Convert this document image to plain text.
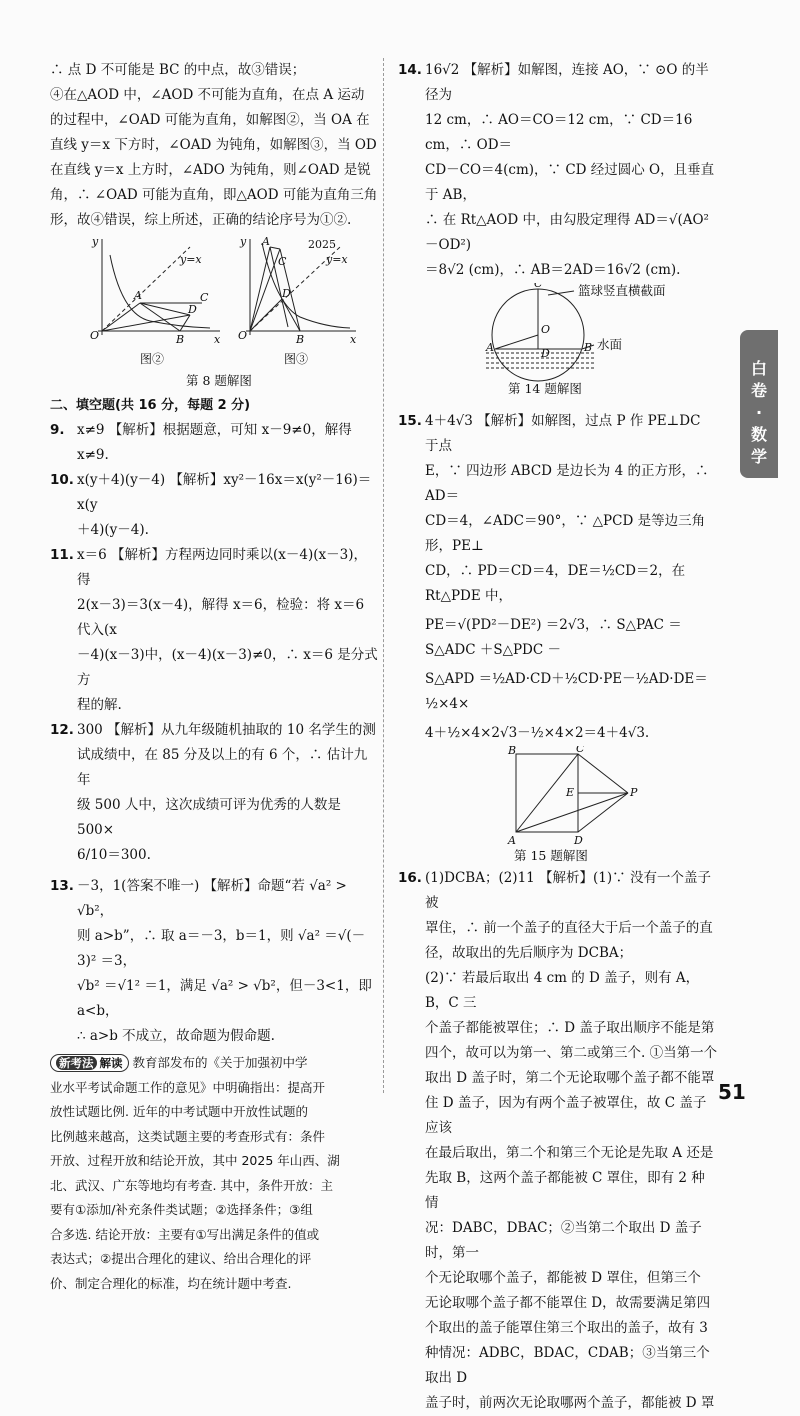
∴ 点 D 不可能是 BC 的中点，故③错误；

④在△AOD 中，∠AOD 不可能为直角，在点 A 运动

的过程中，∠OAD 可能为直角，如解图②，当 OA 在

直线 y＝x 下方时，∠OAD 为钝角，如解图③，当 OD

在直线 y＝x 上方时，∠ADO 为钝角，则∠OAD 是锐

角，∴ ∠OAD 可能为直角，即△AOD 可能为直角三角

形，故④错误，综上所述，正确的结论序号为①②.

y
O	x
A	C
D
B
y
O	x
A
C
D
B
y=x	y=x
2025
图②	图③
第 8 题解图

二、填空题(共 16 分，每题 2 分)

9. x≠9 【解析】根据题意，可知 x－9≠0，解得 x≠9.

10. x(y＋4)(y－4) 【解析】xy²－16x＝x(y²－16)＝x(y

＋4)(y－4).

11. x＝6 【解析】方程两边同时乘以(x－4)(x－3)，得

2(x－3)＝3(x－4)，解得 x＝6，检验：将 x＝6 代入(x

－4)(x－3)中，(x－4)(x－3)≠0，∴ x＝6 是分式方

程的解.

12. 300 【解析】从九年级随机抽取的 10 名学生的测

试成绩中，在 85 分及以上的有 6 个，∴ 估计九年

级 500 人中，这次成绩可评为优秀的人数是 500×

6/10＝300.

13. －3，1(答案不唯一) 【解析】命题“若 √a² > √b²，

则 a>b”，∴ 取 a＝－3，b＝1，则 √a² ＝√(－3)² ＝3，

√b² ＝√1² ＝1，满足 √a² > √b²，但－3<1，即 a<b，

∴ a>b 不成立，故命题为假命题.

新考法 解读 教育部发布的《关于加强初中学

业水平考试命题工作的意见》中明确指出：提高开

放性试题比例. 近年的中考试题中开放性试题的

比例越来越高，这类试题主要的考查形式有：条件

开放、过程开放和结论开放，其中 2025 年山西、湖

北、武汉、广东等地均有考查. 其中，条件开放：主

要有①添加/补充条件类试题；②选择条件；③组

合多选. 结论开放：主要有①写出满足条件的值或

表达式；②提出合理化的建议、给出合理化的评

价、制定合理化的标准，均在统计题中考查.

14. 16√2 【解析】如解图，连接 AO，∵ ⊙O 的半径为

12 cm，∴ AO＝CO＝12 cm，∵ CD＝16 cm，∴ OD＝

CD－CO＝4(cm)，∵ CD 经过圆心 O，且垂直于 AB，

∴ 在 Rt△AOD 中，由勾股定理得 AD＝√(AO²－OD²)

＝8√2 (cm)，∴ AB＝2AD＝16√2 (cm).

C
A	B
O
D
篮球竖直横截面
水面
第 14 题解图
15. 4＋4√3 【解析】如解图，过点 P 作 PE⊥DC 于点

E，∵ 四边形 ABCD 是边长为 4 的正方形，∴ AD＝

CD＝4，∠ADC＝90°，∵ △PCD 是等边三角形，PE⊥

CD，∴ PD＝CD＝4，DE＝½CD＝2，在 Rt△PDE 中，

PE＝√(PD²－DE²) ＝2√3，∴ S△PAC ＝S△ADC ＋S△PDC －

S△APD ＝½AD·CD＋½CD·PE－½AD·DE＝½×4×

4＋½×4×2√3－½×4×2＝4＋4√3.

B	C
A	D
E	P
第 15 题解图
16. (1)DCBA；(2)11 【解析】(1)∵ 没有一个盖子被

罩住，∴ 前一个盖子的直径大于后一个盖子的直

径，故取出的先后顺序为 DCBA；

(2)∵ 若最后取出 4 cm 的 D 盖子，则有 A，B，C 三

个盖子都能被罩住；∴ D 盖子取出顺序不能是第

四个，故可以为第一、第二或第三个. ①当第一个

取出 D 盖子时，第二个无论取哪个盖子都不能罩

住 D 盖子，因为有两个盖子被罩住，故 C 盖子应该

在最后取出，第二个和第三个无论是先取 A 还是

先取 B，这两个盖子都能被 C 罩住，即有 2 种情

况：DABC，DBAC；②当第二个取出 D 盖子时，第一

个无论取哪个盖子，都能被 D 罩住，但第三个

无论取哪个盖子都不能罩住 D，故需要满足第四

个取出的盖子能罩住第三个取出的盖子，故有 3

种情况：ADBC，BDAC，CDAB；③当第三个取出 D

盖子时，前两次无论取哪两个盖子，都能被 D 罩

白
卷
·
数
学
51
